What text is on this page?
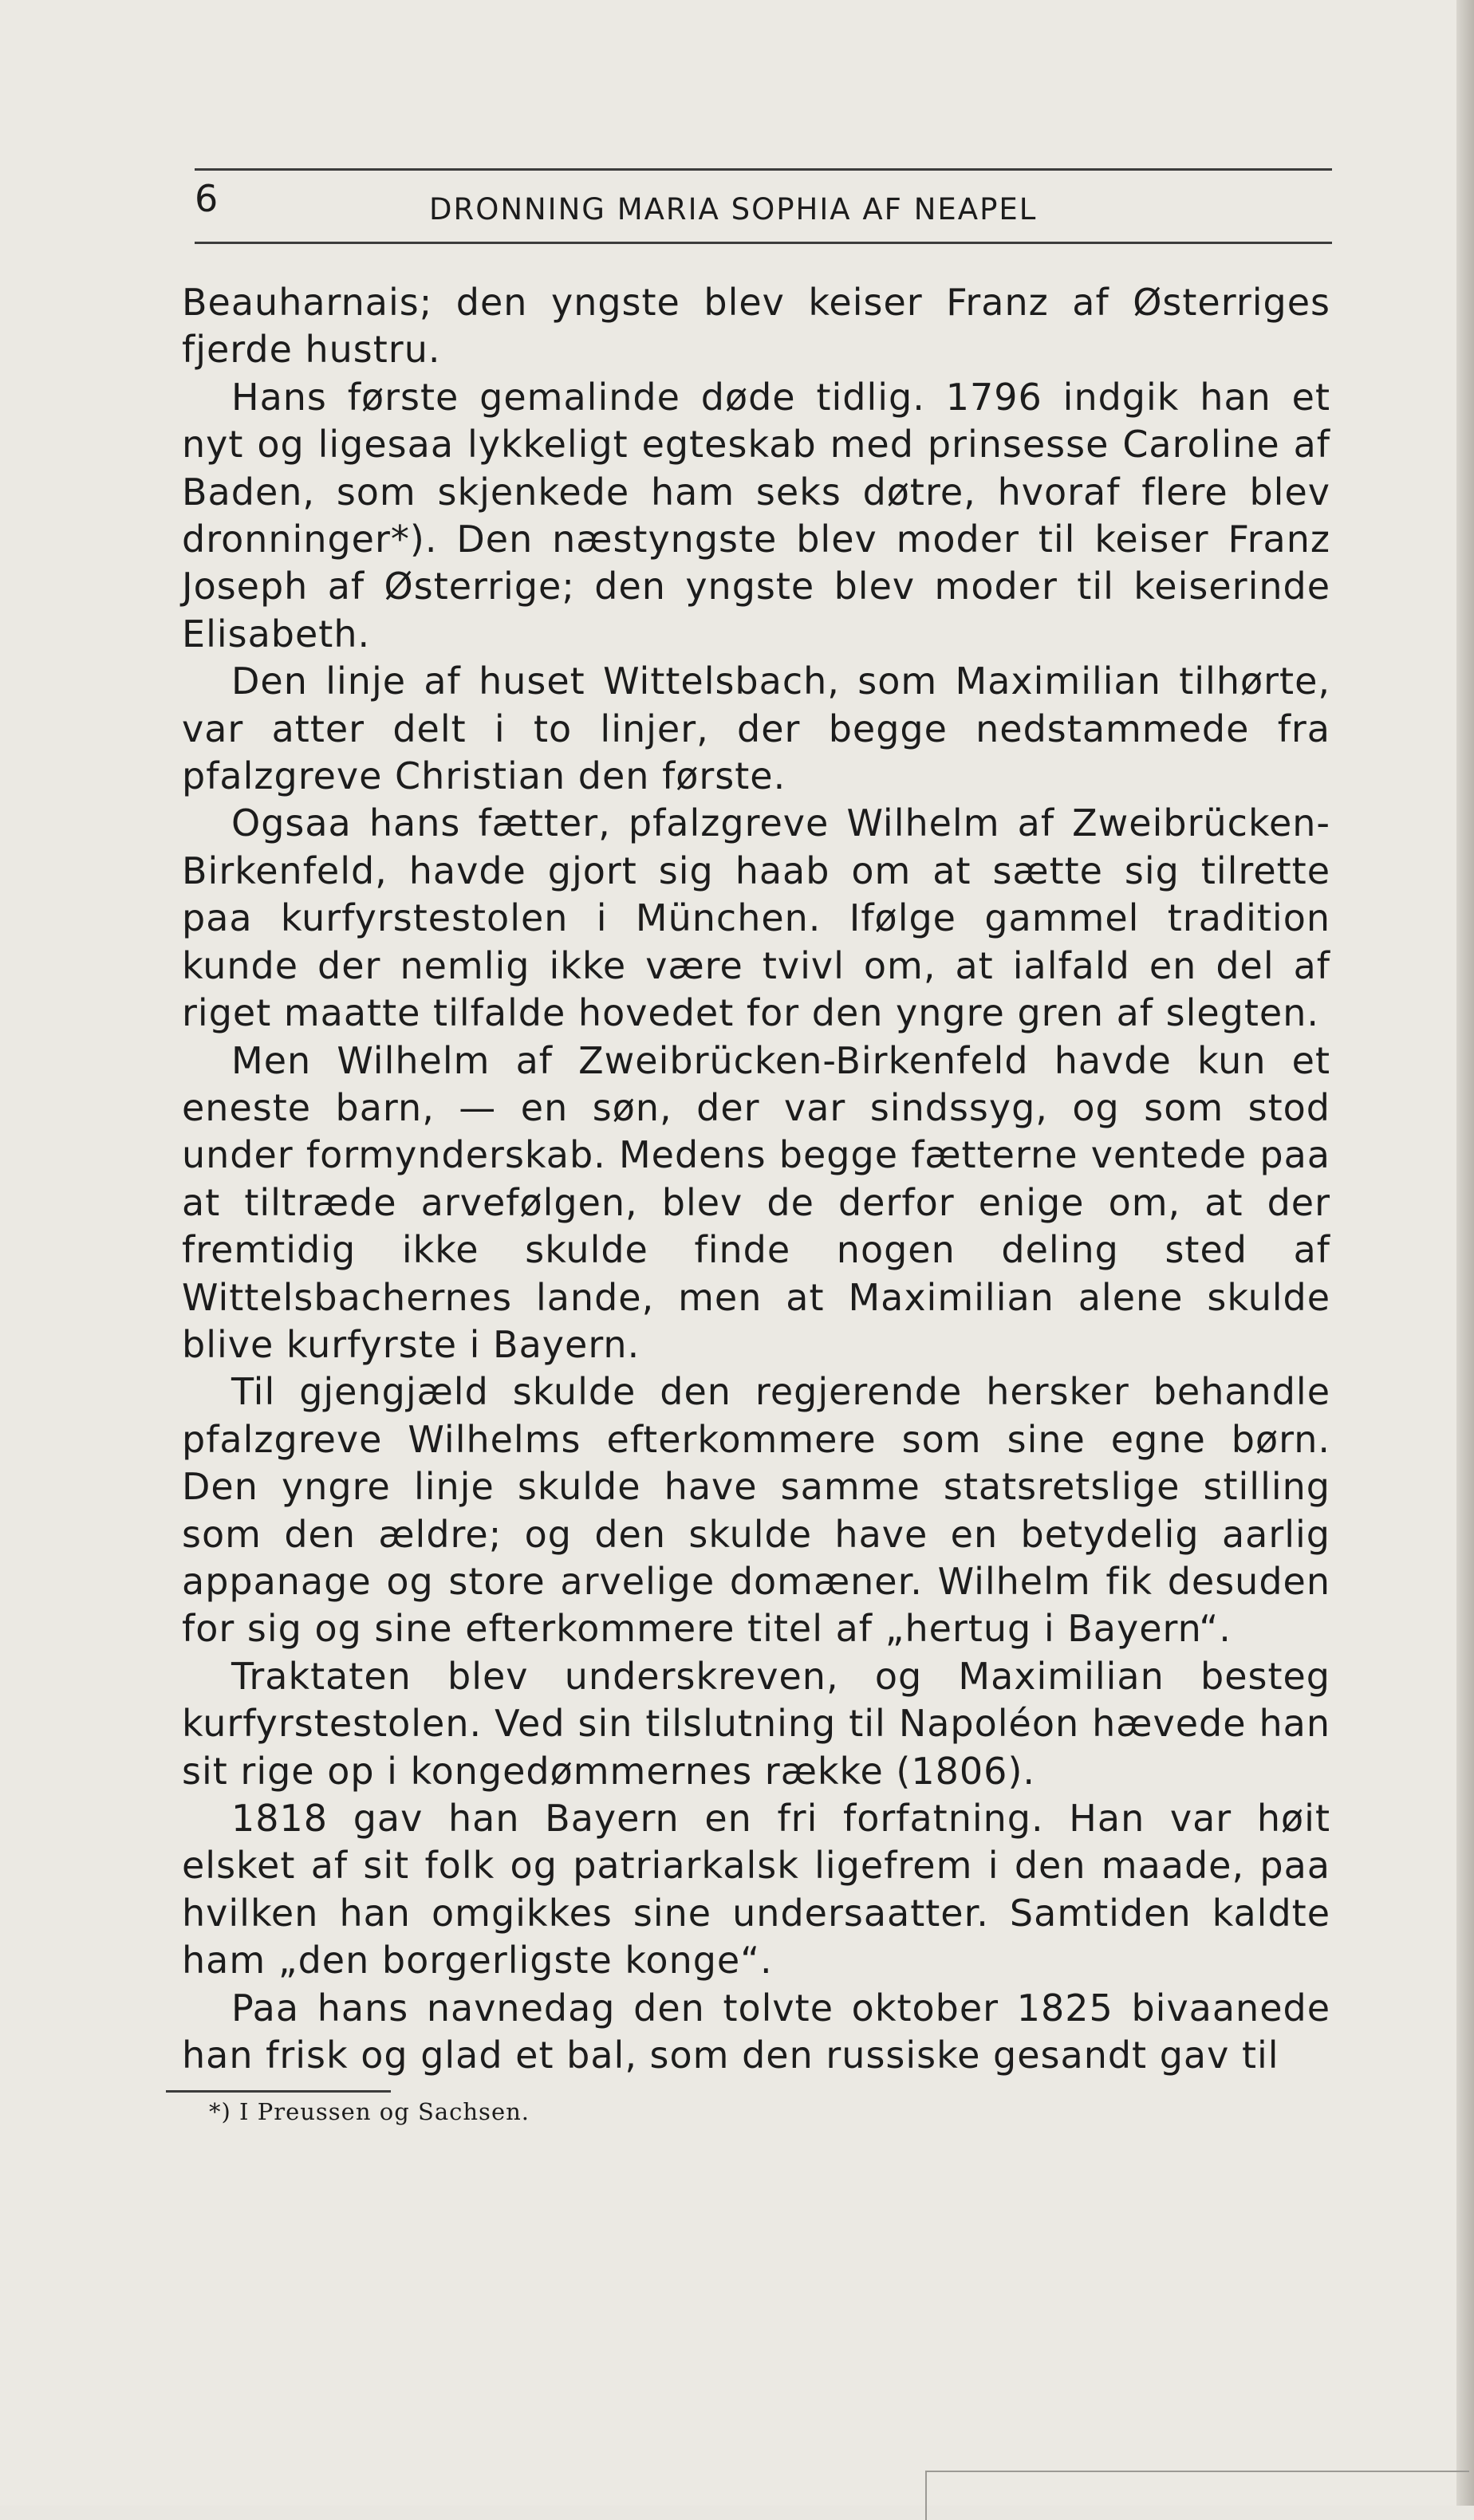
6	DRONNING MARIA SOPHIA AF NEAPEL

Beauharnais; den yngste blev keiser Franz af Østerriges fjerde hustru.

Hans første gemalinde døde tidlig. 1796 indgik han et nyt og ligesaa lykkeligt egteskab med prinsesse Caroline af Baden, som skjenkede ham seks døtre, hvoraf flere blev dronninger*). Den næstyngste blev moder til keiser Franz Joseph af Østerrige; den yngste blev moder til keiserinde Elisabeth.

Den linje af huset Wittelsbach, som Maximilian tilhørte, var atter delt i to linjer, der begge nedstammede fra pfalzgreve Christian den første.

Ogsaa hans fætter, pfalzgreve Wilhelm af Zweibrücken-Birkenfeld, havde gjort sig haab om at sætte sig tilrette paa kurfyrstestolen i München. Ifølge gammel tradition kunde der nemlig ikke være tvivl om, at ialfald en del af riget maatte tilfalde hovedet for den yngre gren af slegten.

Men Wilhelm af Zweibrücken-Birkenfeld havde kun et eneste barn, — en søn, der var sindssyg, og som stod under formynderskab. Medens begge fætterne ventede paa at tiltræde arvefølgen, blev de derfor enige om, at der fremtidig ikke skulde finde nogen deling sted af Wittelsbachernes lande, men at Maximilian alene skulde blive kurfyrste i Bayern.

Til gjengjæld skulde den regjerende hersker behandle pfalzgreve Wilhelms efterkommere som sine egne børn. Den yngre linje skulde have samme statsretslige stilling som den ældre; og den skulde have en betydelig aarlig appanage og store arvelige domæner. Wilhelm fik desuden for sig og sine efterkommere titel af „hertug i Bayern“.

Traktaten blev underskreven, og Maximilian besteg kurfyrstestolen. Ved sin tilslutning til Napoléon hævede han sit rige op i kongedømmernes række (1806).

1818 gav han Bayern en fri forfatning. Han var høit elsket af sit folk og patriarkalsk ligefrem i den maade, paa hvilken han omgikkes sine undersaatter. Samtiden kaldte ham „den borgerligste konge“.

Paa hans navnedag den tolvte oktober 1825 bivaanede han frisk og glad et bal, som den russiske gesandt gav til

*) I Preussen og Sachsen.
